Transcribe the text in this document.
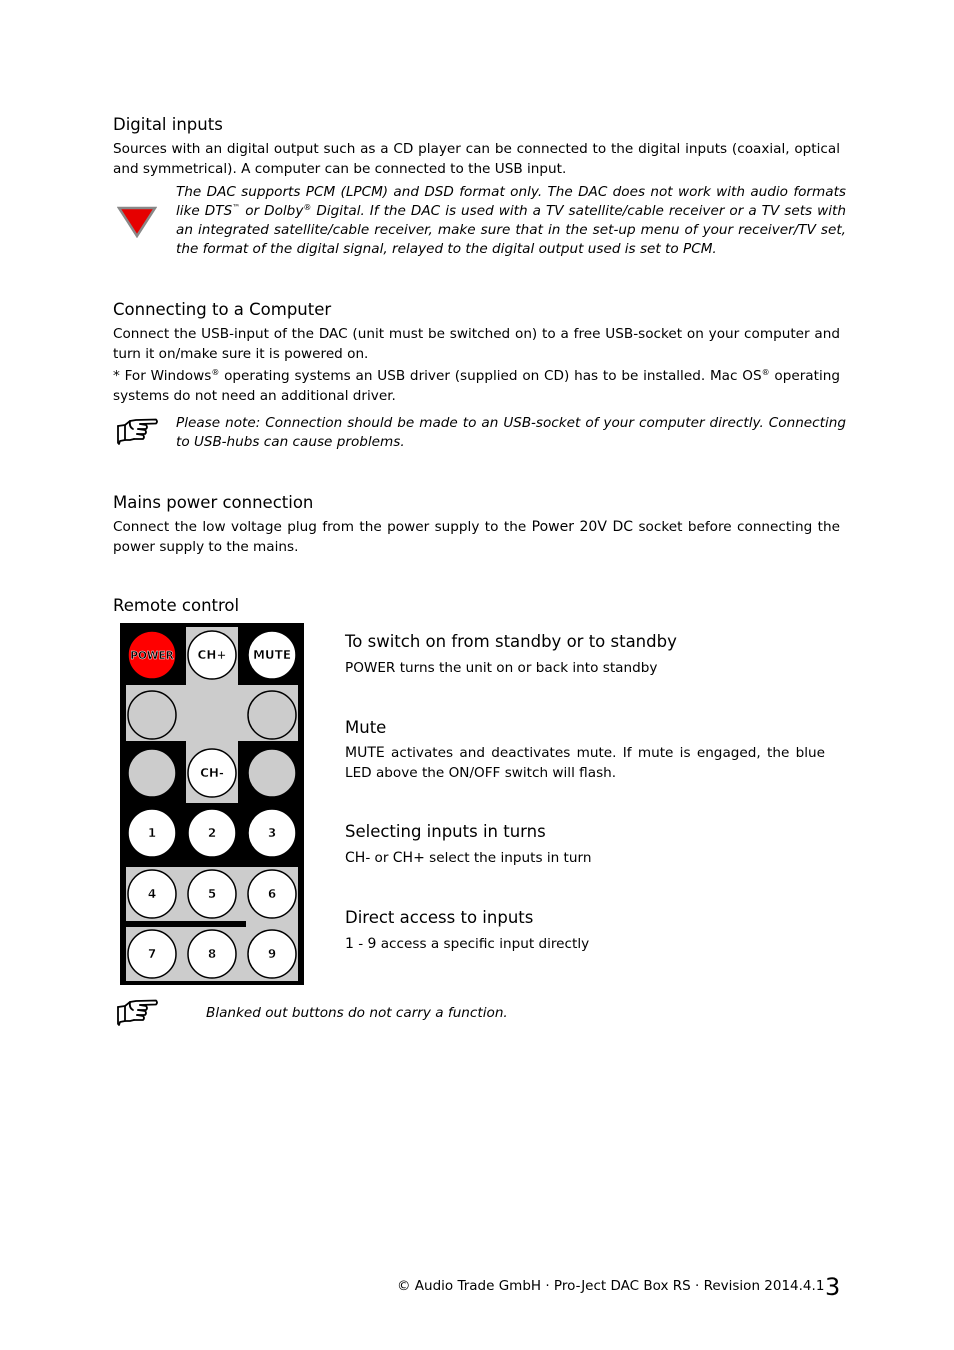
Digital inputs

Sources with an digital output such as a CD player can be connected to the digital inputs (coaxial, optical and symmetrical). A computer can be connected to the USB input.

The DAC supports PCM (LPCM) and DSD format only. The DAC does not work with audio formats like DTS™ or Dolby® Digital. If the DAC is used with a TV satellite/cable receiver or a TV sets with an integrated satellite/cable receiver, make sure that in the set-up menu of your receiver/TV set, the format of the digital signal, relayed to the digital output used is set to PCM.

Connecting to a Computer

Connect the USB-input of the DAC (unit must be switched on) to a free USB-socket on your computer and turn it on/make sure it is powered on.

* For Windows® operating systems an USB driver (supplied on CD) has to be installed. Mac OS® operating systems do not need an additional driver.

Please note: Connection should be made to an USB-socket of your computer directly. Connecting to USB-hubs can cause problems.

Mains power connection

Connect the low voltage plug from the power supply to the Power 20V DC socket before connecting the power supply to the mains.

Remote control
POWER CH+ MUTE
CH-
1	2	3
4	5	6
7	8	9
To switch on from standby or to standby

POWER turns the unit on or back into standby

Mute

MUTE activates and deactivates mute. If mute is engaged, the blue LED above the ON/OFF switch will flash.

Selecting inputs in turns

CH- or CH+ select the inputs in turn

Direct access to inputs

1 - 9 access a specific input directly

Blanked out buttons do not carry a function.

© Audio Trade GmbH · Pro-Ject DAC Box RS · Revision 2014.4.1 3
